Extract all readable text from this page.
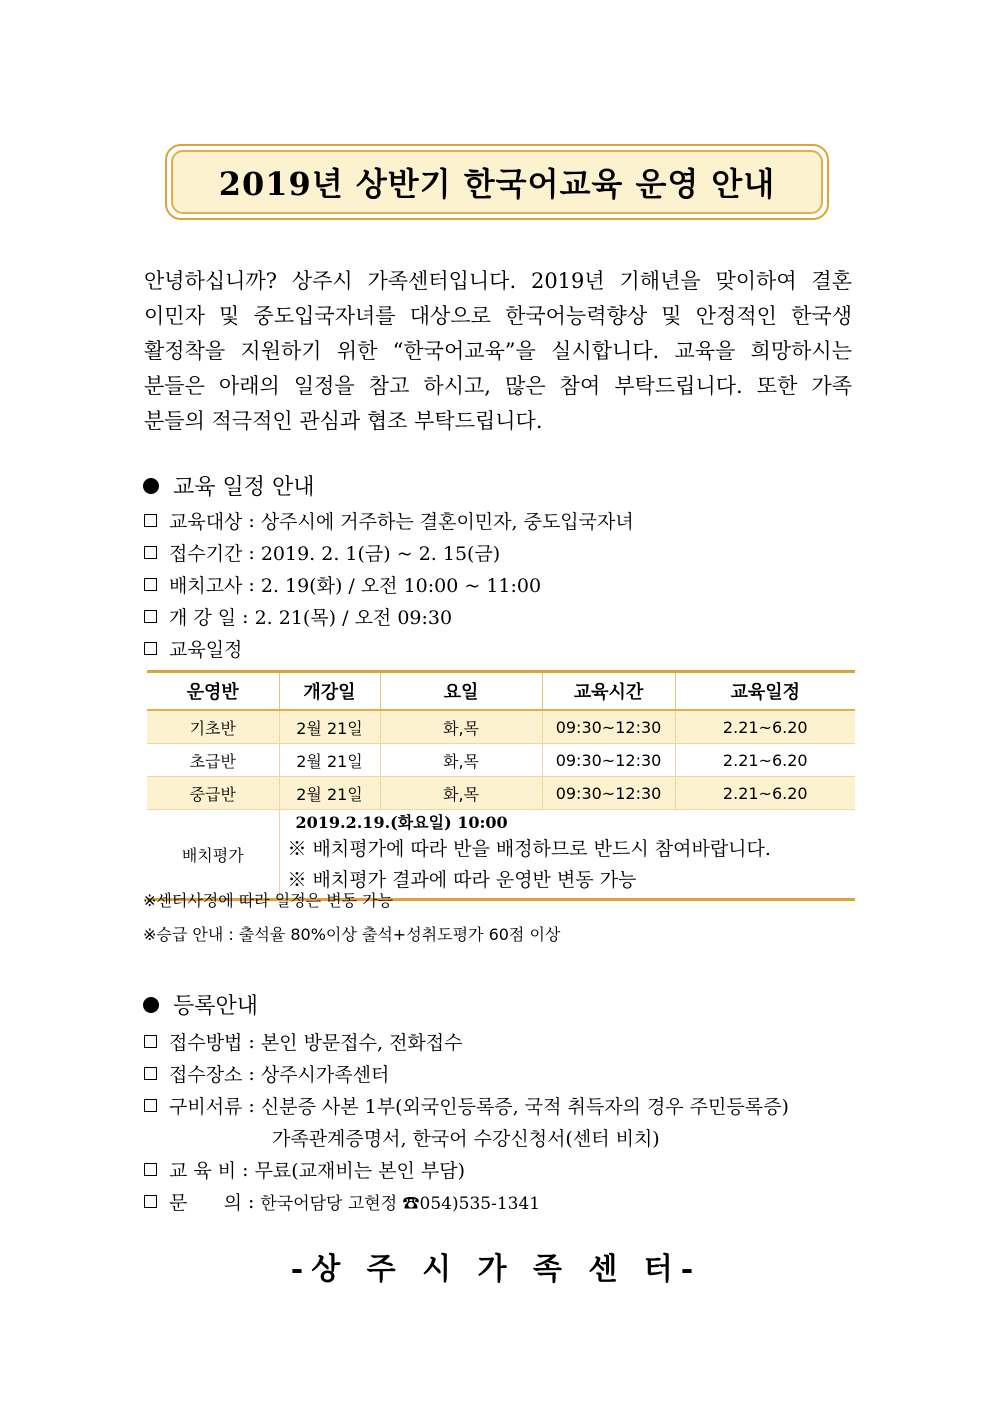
2019년 상반기 한국어교육 운영 안내
안녕하십니까? 상주시 가족센터입니다. 2019년 기해년을 맞이하여 결혼
이민자 및 중도입국자녀를 대상으로 한국어능력향상 및 안정적인 한국생
활정착을 지원하기 위한 “한국어교육”을 실시합니다. 교육을 희망하시는
분들은 아래의 일정을 참고 하시고, 많은 참여 부탁드립니다. 또한 가족
분들의 적극적인 관심과 협조 부탁드립니다.
교육 일정 안내
교육대상 : 상주시에 거주하는 결혼이민자, 중도입국자녀
접수기간 : 2019. 2. 1(금) ~ 2. 15(금)
배치고사 : 2. 19(화) / 오전 10:00 ~ 11:00
개 강 일 : 2. 21(목) / 오전 09:30
교육일정
운영반	개강일	요일	교육시간	교육일정
기초반	2월 21일	화,목	09:30~12:30	2.21~6.20
초급반	2월 21일	화,목	09:30~12:30	2.21~6.20
중급반	2월 21일	화,목	09:30~12:30	2.21~6.20
배치평가	2019.2.19.(화요일) 10:00
※ 배치평가에 따라 반을 배정하므로 반드시 참여바랍니다.
※ 배치평가 결과에 따라 운영반 변동 가능			
※센터사정에 따라 일정은 변동 가능
※승급 안내 : 출석율 80%이상 출석+성취도평가 60점 이상
등록안내
접수방법 : 본인 방문접수, 전화접수
접수장소 : 상주시가족센터
구비서류 : 신분증 사본 1부(외국인등록증, 국적 취득자의 경우 주민등록증)
가족관계증명서, 한국어 수강신청서(센터 비치)
교 육 비 : 무료(교재비는 본인 부담)
문      의 : 한국어담당 고현정 ☎054)535-1341
-상 주 시 가 족 센 터-
